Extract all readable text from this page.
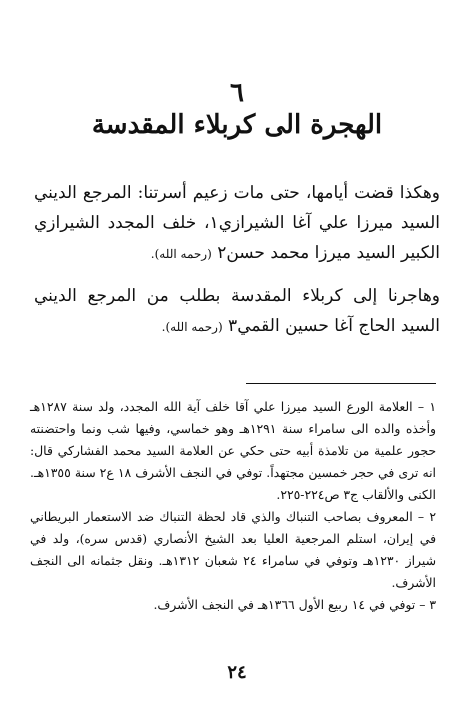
٦
الهجرة الى كربلاء المقدسة

وهكذا قضت أيامها، حتى مات زعيم أسرتنا: المرجع الديني السيد ميرزا علي آغا الشيرازي١، خلف المجدد الشيرازي الكبير السيد ميرزا محمد حسن٢ (رحمه الله).

وهاجرنا إلى كربلاء المقدسة بطلب من المرجع الديني السيد الحاج آغا حسين القمي٣ (رحمه الله).

١ – العلامة الورع السيد ميرزا علي آقا خلف آية الله المجدد، ولد سنة ١٢٨٧هـ وأخذه والده الى سامراء سنة ١٢٩١هـ وهو خماسي، وفيها شب ونما واحتضنته حجور علمية من تلامذة أبيه حتى حكي عن العلامة السيد محمد الفشاركي قال: انه ترى في حجر خمسين مجتهداً. توفي في النجف الأشرف ١٨ ع٢ سنة ١٣٥٥هـ. الكنى والألقاب ج٣ ص٢٢٤-٢٢٥.

٢ – المعروف بصاحب التنباك والذي قاد لحظة التنباك ضد الاستعمار البريطاني في إيران، استلم المرجعية العليا بعد الشيخ الأنصاري (قدس سره)، ولد في شيراز ١٢٣٠هـ وتوفي في سامراء ٢٤ شعبان ١٣١٢هـ. ونقل جثمانه الى النجف الأشرف.

٣ – توفي في ١٤ ربيع الأول ١٣٦٦هـ في النجف الأشرف.

٢٤
